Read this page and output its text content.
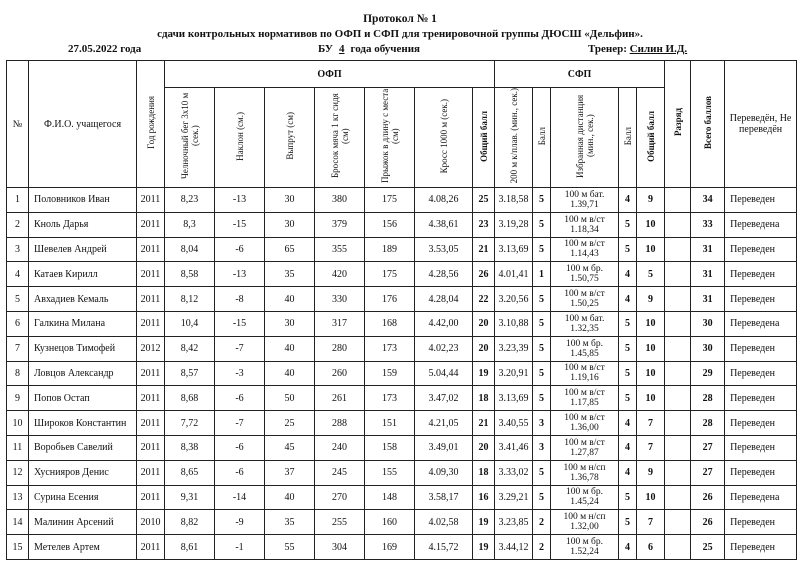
Протокол № 1
сдачи контрольных нормативов по ОФП и СФП для тренировочной группы ДЮСШ «Дельфин».
27.05.2022 года	БУ 4 года обучения	Тренер: Силин И.Д.
№	Ф.И.О. учащегося	Год рождения	ОФП							СФП					Разряд	Всего баллов	Переведён, Не переведён
			Челночный бег 3х10 м (сек.)	Наклон (см.)	Выпрут (см)	Бросок мяча 1 кг сидя (см)	Прыжок в длину с места (см)	Кросс 1000 м (сек.)	Общий балл	200 м к/плав. (мин., сек.)	Балл	Избранная дистанция (мин., сек.)	Балл	Общий балл			
1	Половников Иван	2011	8,23	-13	30	380	175	4.08,26	25	3.18,58	5	100 м бат.
1.39,71	4	9		34	Переведен
2	Кноль Дарья	2011	8,3	-15	30	379	156	4.38,61	23	3.19,28	5	100 м в/ст
1.18,34	5	10		33	Переведена
3	Шевелев Андрей	2011	8,04	-6	65	355	189	3.53,05	21	3.13,69	5	100 м в/ст
1.14,43	5	10		31	Переведен
4	Катаев Кирилл	2011	8,58	-13	35	420	175	4.28,56	26	4.01,41	1	100 м бр.
1.50,75	4	5		31	Переведен
5	Авхадиев Кемаль	2011	8,12	-8	40	330	176	4.28,04	22	3.20,56	5	100 м в/ст
1.50,25	4	9		31	Переведен
6	Галкина Милана	2011	10,4	-15	30	317	168	4.42,00	20	3.10,88	5	100 м бат.
1.32,35	5	10		30	Переведена
7	Кузнецов Тимофей	2012	8,42	-7	40	280	173	4.02,23	20	3.23,39	5	100 м бр.
1.45,85	5	10		30	Переведен
8	Ловцов Александр	2011	8,57	-3	40	260	159	5.04,44	19	3.20,91	5	100 м в/ст
1.19,16	5	10		29	Переведен
9	Попов Остап	2011	8,68	-6	50	261	173	3.47,02	18	3.13,69	5	100 м в/ст
1.17,85	5	10		28	Переведен
10	Широков Константин	2011	7,72	-7	25	288	151	4.21,05	21	3.40,55	3	100 м в/ст
1.36,00	4	7		28	Переведен
11	Воробьев Савелий	2011	8,38	-6	45	240	158	3.49,01	20	3.41,46	3	100 м в/ст
1.27,87	4	7		27	Переведен
12	Хуснияров Денис	2011	8,65	-6	37	245	155	4.09,30	18	3.33,02	5	100 м н/сп
1.36,78	4	9		27	Переведен
13	Сурина Есения	2011	9,31	-14	40	270	148	3.58,17	16	3.29,21	5	100 м бр.
1.45,24	5	10		26	Переведена
14	Малинин Арсений	2010	8,82	-9	35	255	160	4.02,58	19	3.23,85	2	100 м н/сп
1.32,00	5	7		26	Переведен
15	Метелев Артем	2011	8,61	-1	55	304	169	4.15,72	19	3.44,12	2	100 м бр.
1.52,24	4	6		25	Переведен
